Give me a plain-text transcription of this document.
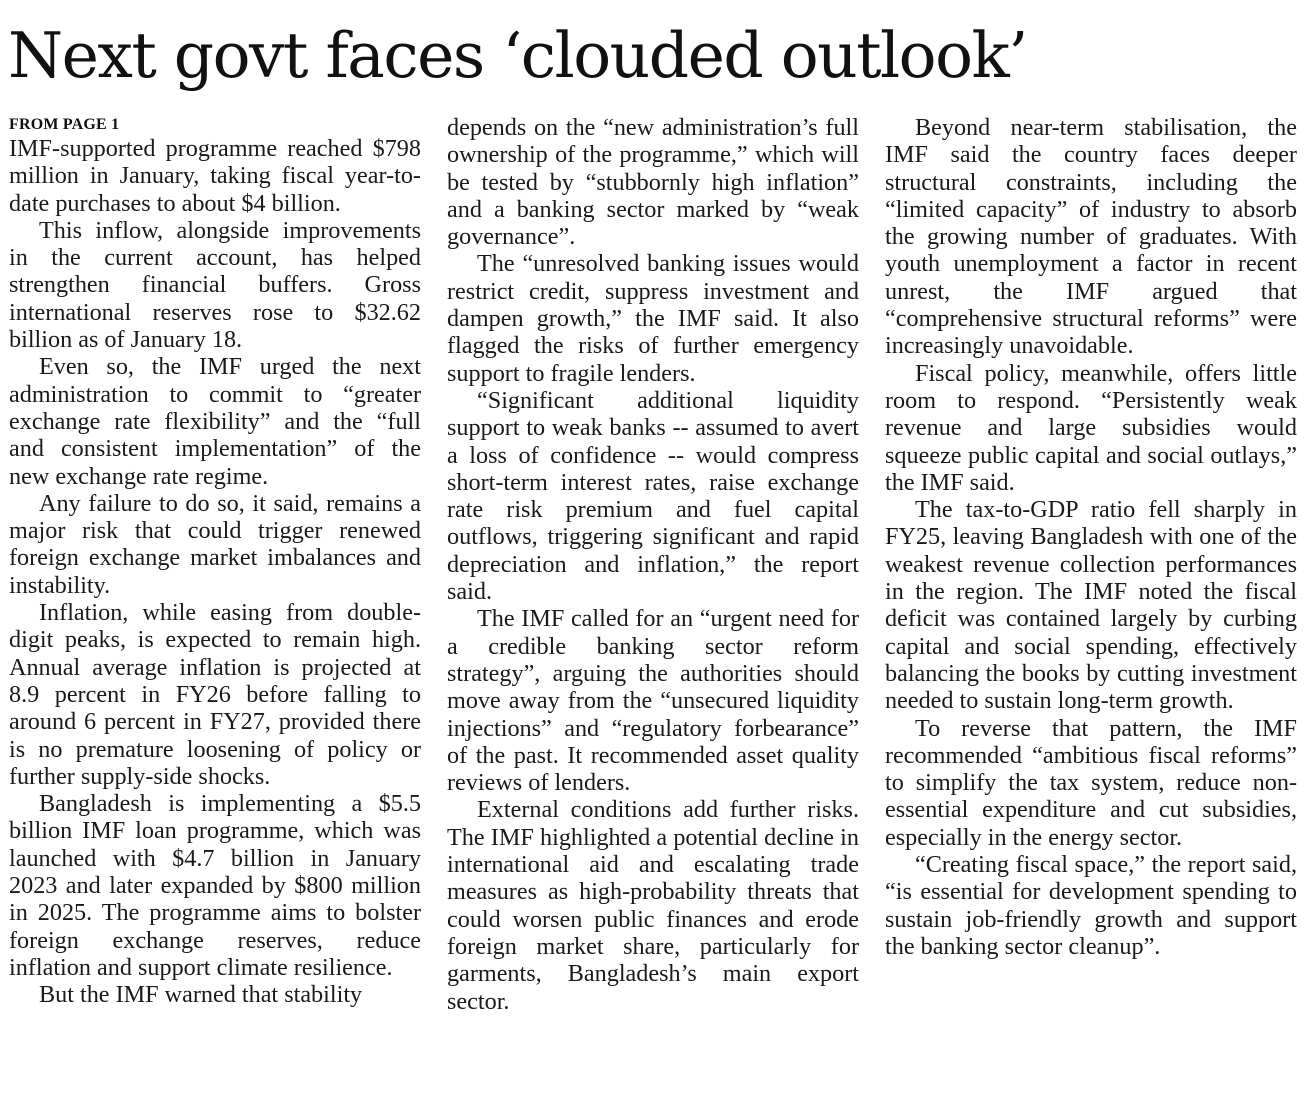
Next govt faces ‘clouded outlook’
FROM PAGE 1

IMF-supported programme reached $798 million in January, taking fiscal year-to-date purchases to about $4 billion.

This inflow, alongside improvements in the current account, has helped strengthen financial buffers. Gross international reserves rose to $32.62 billion as of January 18.

Even so, the IMF urged the next administration to commit to “greater exchange rate flexibility” and the “full and consistent implementation” of the new exchange rate regime.

Any failure to do so, it said, remains a major risk that could trigger renewed foreign exchange market imbalances and instability.

Inflation, while easing from double-digit peaks, is expected to remain high. Annual average inflation is projected at 8.9 percent in FY26 before falling to around 6 percent in FY27, provided there is no premature loosening of policy or further supply-side shocks.

Bangladesh is implementing a $5.5 billion IMF loan programme, which was launched with $4.7 billion in January 2023 and later expanded by $800 million in 2025. The programme aims to bolster foreign exchange reserves, reduce inflation and support climate resilience.

But the IMF warned that stability

depends on the “new administration’s full ownership of the programme,” which will be tested by “stubbornly high inflation” and a banking sector marked by “weak governance”.

The “unresolved banking issues would restrict credit, suppress investment and dampen growth,” the IMF said. It also flagged the risks of further emergency support to fragile lenders.

“Significant additional liquidity support to weak banks -- assumed to avert a loss of confidence -- would compress short-term interest rates, raise exchange rate risk premium and fuel capital outflows, triggering significant and rapid depreciation and inflation,” the report said.

The IMF called for an “urgent need for a credible banking sector reform strategy”, arguing the authorities should move away from the “unsecured liquidity injections” and “regulatory forbearance” of the past. It recommended asset quality reviews of lenders.

External conditions add further risks. The IMF highlighted a potential decline in international aid and escalating trade measures as high-probability threats that could worsen public finances and erode foreign market share, particularly for garments, Bangladesh’s main export sector.

Beyond near-term stabilisation, the IMF said the country faces deeper structural constraints, including the “limited capacity” of industry to absorb the growing number of graduates. With youth unemployment a factor in recent unrest, the IMF argued that “comprehensive structural reforms” were increasingly unavoidable.

Fiscal policy, meanwhile, offers little room to respond. “Persistently weak revenue and large subsidies would squeeze public capital and social outlays,” the IMF said.

The tax-to-GDP ratio fell sharply in FY25, leaving Bangladesh with one of the weakest revenue collection performances in the region. The IMF noted the fiscal deficit was contained largely by curbing capital and social spending, effectively balancing the books by cutting investment needed to sustain long-term growth.

To reverse that pattern, the IMF recommended “ambitious fiscal reforms” to simplify the tax system, reduce non-essential expenditure and cut subsidies, especially in the energy sector.

“Creating fiscal space,” the report said, “is essential for development spending to sustain job-friendly growth and support the banking sector cleanup”.
